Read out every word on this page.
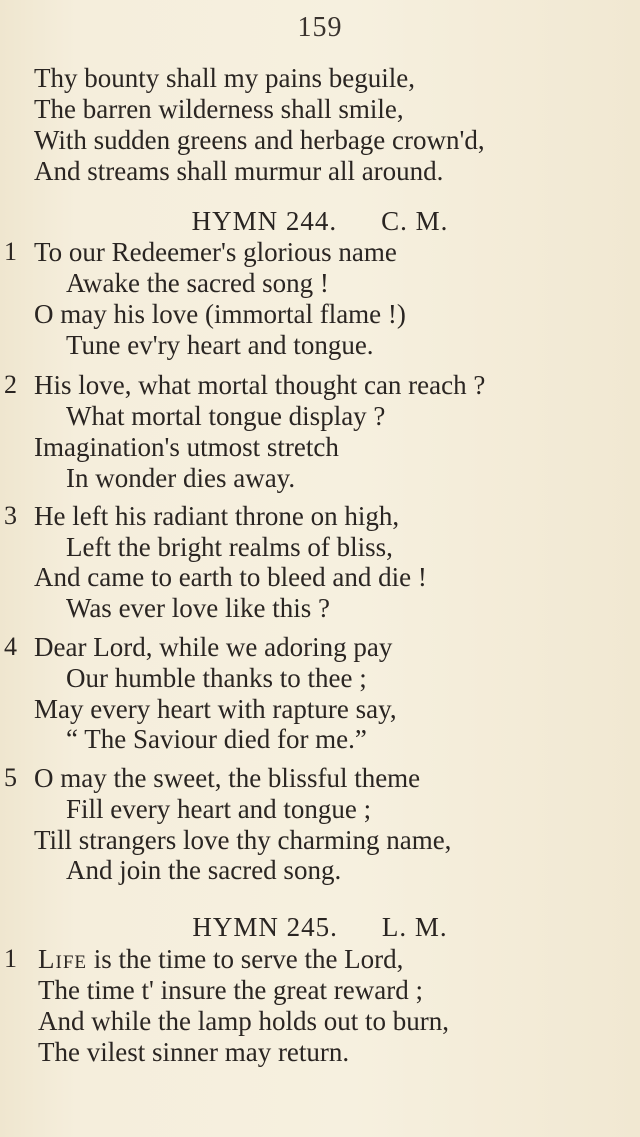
159
Thy bounty shall my pains beguile,
The barren wilderness shall smile,
With sudden greens and herbage crown'd,
And streams shall murmur all around.
HYMN 244. C. M.
1 To our Redeemer's glorious name
Awake the sacred song !
O may his love (immortal flame !)
Tune ev'ry heart and tongue.
2 His love, what mortal thought can reach ?
What mortal tongue display ?
Imagination's utmost stretch
In wonder dies away.
3 He left his radiant throne on high,
Left the bright realms of bliss,
And came to earth to bleed and die !
Was ever love like this ?
4 Dear Lord, while we adoring pay
Our humble thanks to thee ;
May every heart with rapture say,
“ The Saviour died for me.”
5 O may the sweet, the blissful theme
Fill every heart and tongue ;
Till strangers love thy charming name,
And join the sacred song.
HYMN 245. L. M.
1 Life is the time to serve the Lord,
The time t' insure the great reward ;
And while the lamp holds out to burn,
The vilest sinner may return.
